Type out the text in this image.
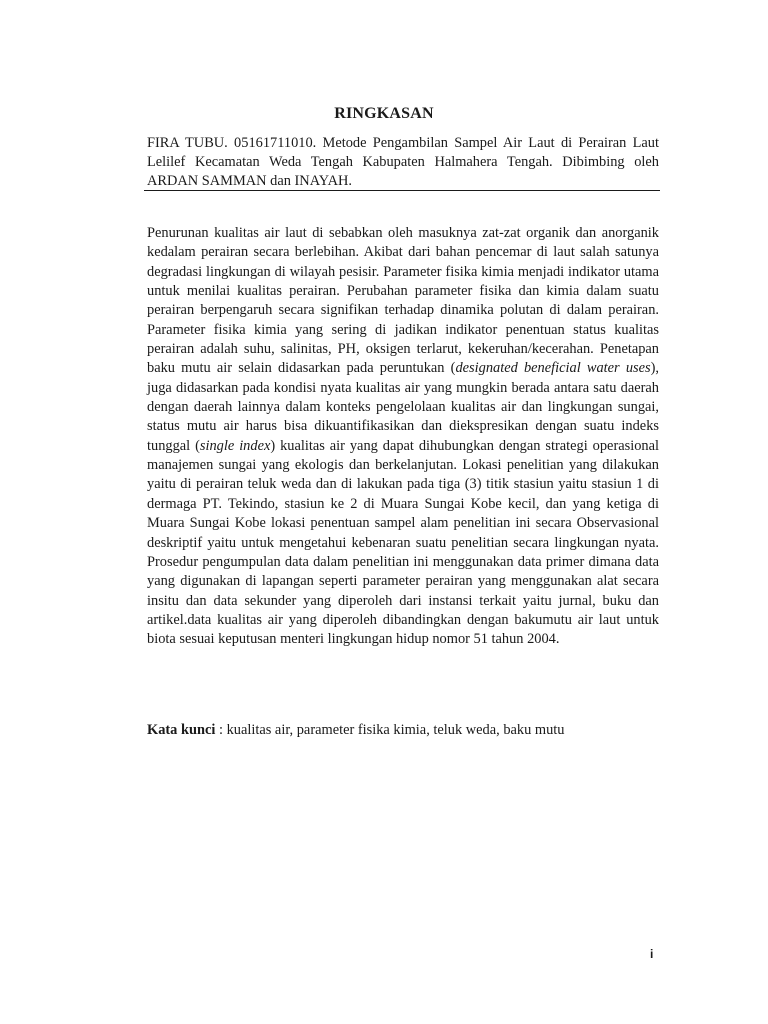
RINGKASAN
FIRA TUBU. 05161711010. Metode Pengambilan Sampel Air Laut di Perairan Laut Lelilef Kecamatan Weda Tengah Kabupaten Halmahera Tengah. Dibimbing oleh ARDAN SAMMAN dan INAYAH.
Penurunan kualitas air laut di sebabkan oleh masuknya zat-zat organik dan anorganik kedalam perairan secara berlebihan. Akibat dari bahan pencemar di laut salah satunya degradasi lingkungan di wilayah pesisir. Parameter fisika kimia menjadi indikator utama untuk menilai kualitas perairan. Perubahan parameter fisika dan kimia dalam suatu perairan berpengaruh secara signifikan terhadap dinamika polutan di dalam perairan. Parameter fisika kimia yang sering di jadikan indikator penentuan status kualitas perairan adalah suhu, salinitas, PH, oksigen terlarut, kekeruhan/kecerahan. Penetapan baku mutu air selain didasarkan pada peruntukan (designated beneficial water uses), juga didasarkan pada kondisi nyata kualitas air yang mungkin berada antara satu daerah dengan daerah lainnya dalam konteks pengelolaan kualitas air dan lingkungan sungai, status mutu air harus bisa dikuantifikasikan dan diekspresikan dengan suatu indeks tunggal (single index) kualitas air yang dapat dihubungkan dengan strategi operasional manajemen sungai yang ekologis dan berkelanjutan. Lokasi penelitian yang dilakukan yaitu di perairan teluk weda dan di lakukan pada tiga (3) titik stasiun yaitu stasiun 1 di dermaga PT. Tekindo, stasiun ke 2 di Muara Sungai Kobe kecil, dan yang ketiga di Muara Sungai Kobe lokasi penentuan sampel alam penelitian ini secara Observasional deskriptif yaitu untuk mengetahui kebenaran suatu penelitian secara lingkungan nyata. Prosedur pengumpulan data dalam penelitian ini menggunakan data primer dimana data yang digunakan di lapangan seperti parameter perairan yang menggunakan alat secara insitu dan data sekunder yang diperoleh dari instansi terkait yaitu jurnal, buku dan artikel.data kualitas air yang diperoleh dibandingkan dengan bakumutu air laut untuk biota sesuai keputusan menteri lingkungan hidup nomor 51 tahun 2004.
Kata kunci : kualitas air, parameter fisika kimia, teluk weda, baku mutu
i
